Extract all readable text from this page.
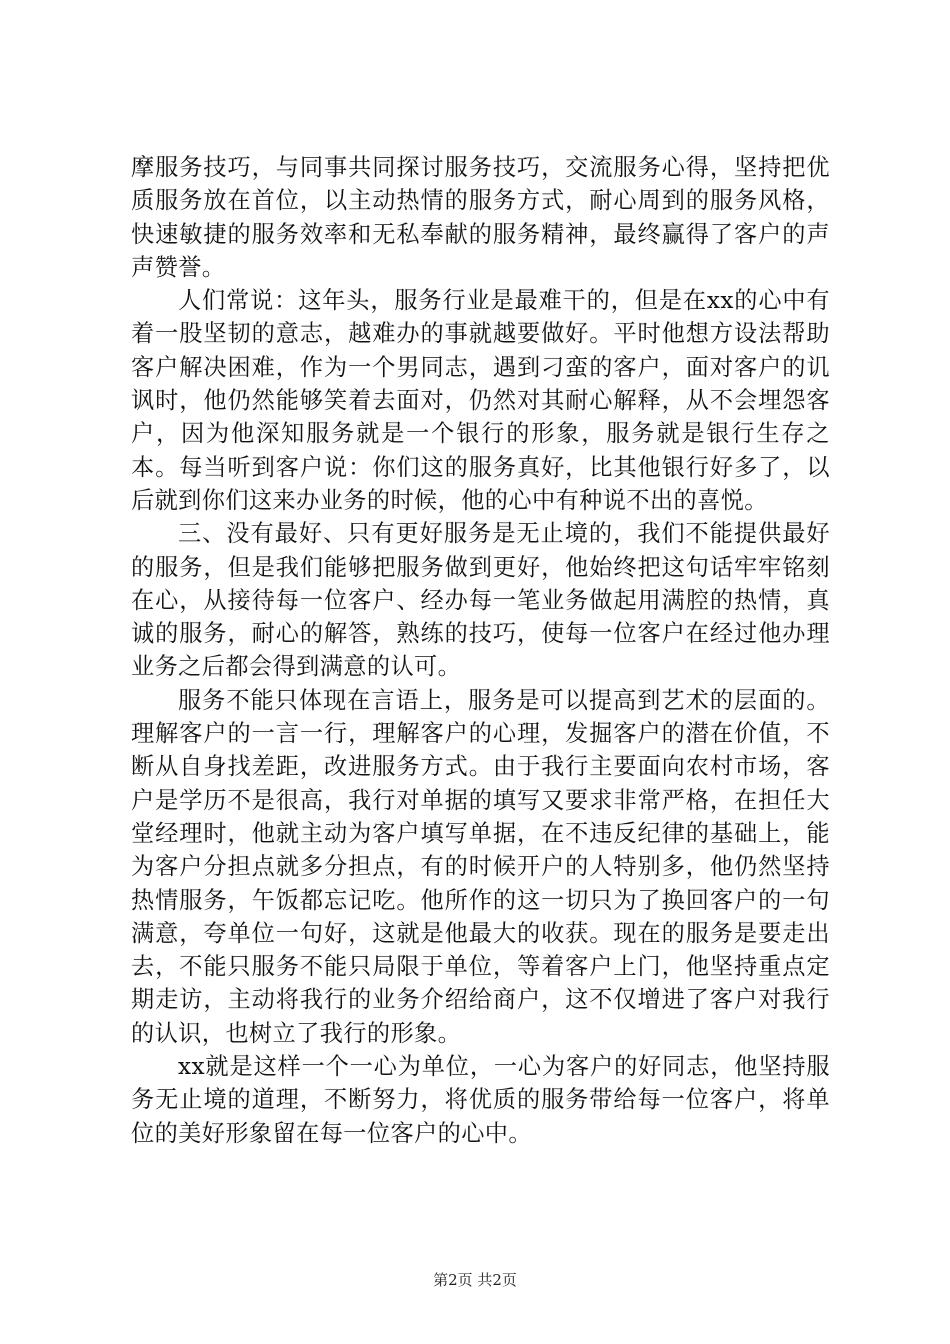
摩服务技巧，与同事共同探讨服务技巧，交流服务心得，坚持把优质服务放在首位，以主动热情的服务方式，耐心周到的服务风格，快速敏捷的服务效率和无私奉献的服务精神，最终赢得了客户的声声赞誉。

人们常说：这年头，服务行业是最难干的，但是在xx的心中有着一股坚韧的意志，越难办的事就越要做好。平时他想方设法帮助客户解决困难，作为一个男同志，遇到刁蛮的客户，面对客户的讥讽时，他仍然能够笑着去面对，仍然对其耐心解释，从不会埋怨客户，因为他深知服务就是一个银行的形象，服务就是银行生存之本。每当听到客户说：你们这的服务真好，比其他银行好多了，以后就到你们这来办业务的时候，他的心中有种说不出的喜悦。

三、没有最好、只有更好服务是无止境的，我们不能提供最好的服务，但是我们能够把服务做到更好，他始终把这句话牢牢铭刻在心，从接待每一位客户、经办每一笔业务做起用满腔的热情，真诚的服务，耐心的解答，熟练的技巧，使每一位客户在经过他办理业务之后都会得到满意的认可。

服务不能只体现在言语上，服务是可以提高到艺术的层面的。理解客户的一言一行，理解客户的心理，发掘客户的潜在价值，不断从自身找差距，改进服务方式。由于我行主要面向农村市场，客户是学历不是很高，我行对单据的填写又要求非常严格，在担任大堂经理时，他就主动为客户填写单据，在不违反纪律的基础上，能为客户分担点就多分担点，有的时候开户的人特别多，他仍然坚持热情服务，午饭都忘记吃。他所作的这一切只为了换回客户的一句满意，夸单位一句好，这就是他最大的收获。现在的服务是要走出去，不能只服务不能只局限于单位，等着客户上门，他坚持重点定期走访，主动将我行的业务介绍给商户，这不仅增进了客户对我行的认识，也树立了我行的形象。

xx就是这样一个一心为单位，一心为客户的好同志，他坚持服务无止境的道理，不断努力，将优质的服务带给每一位客户，将单位的美好形象留在每一位客户的心中。

第2页 共2页
